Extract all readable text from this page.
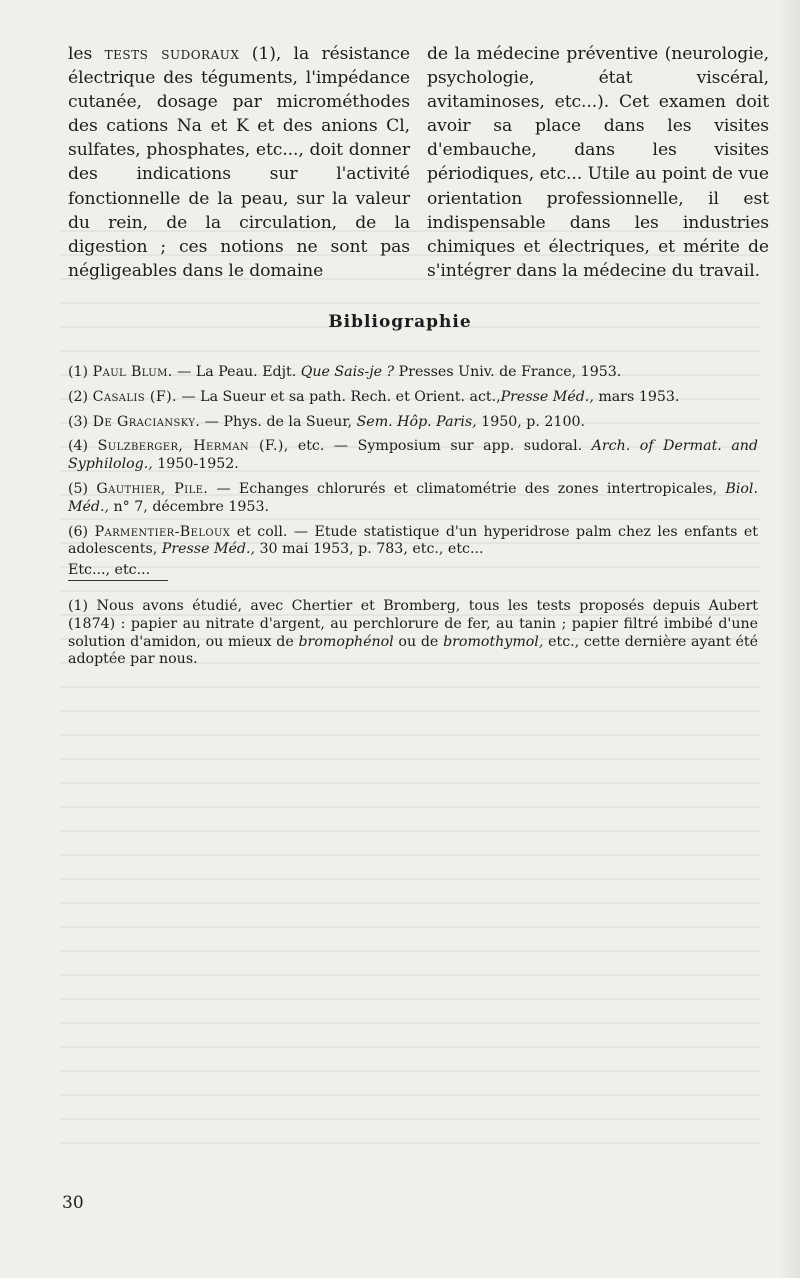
les tests sudoraux (1), la résistance électrique des téguments, l'impédance cutanée, dosage par microméthodes des cations Na et K et des anions Cl, sulfates, phosphates, etc..., doit donner des indications sur l'activité fonctionnelle de la peau, sur la valeur du rein, de la circulation, de la digestion ; ces notions ne sont pas négligeables dans le domaine

de la médecine préventive (neurologie, psychologie, état viscéral, avitaminoses, etc...). Cet examen doit avoir sa place dans les visites d'embauche, dans les visites périodiques, etc... Utile au point de vue orientation professionnelle, il est indispensable dans les industries chimiques et électriques, et mérite de s'intégrer dans la médecine du travail.

Bibliographie

(1) Paul Blum. — La Peau. Edjt. Que Sais-je ? Presses Univ. de France, 1953.

(2) Casalis (F). — La Sueur et sa path. Rech. et Orient. act.,Presse Méd., mars 1953.

(3) De Graciansky. — Phys. de la Sueur, Sem. Hôp. Paris, 1950, p. 2100.

(4) Sulzberger, Herman (F.), etc. — Symposium sur app. sudoral. Arch. of Dermat. and Syphilolog., 1950-1952.

(5) Gauthier, Pile. — Echanges chlorurés et climatométrie des zones intertropicales, Biol. Méd., n° 7, décembre 1953.

(6) Parmentier-Beloux et coll. — Etude statistique d'un hyperidrose palm chez les enfants et adolescents, Presse Méd., 30 mai 1953, p. 783, etc., etc...

Etc..., etc...

(1) Nous avons étudié, avec Chertier et Bromberg, tous les tests proposés depuis Aubert (1874) : papier au nitrate d'argent, au perchlorure de fer, au tanin ; papier filtré imbibé d'une solution d'amidon, ou mieux de bromophénol ou de bromothymol, etc., cette dernière ayant été adoptée par nous.
30
